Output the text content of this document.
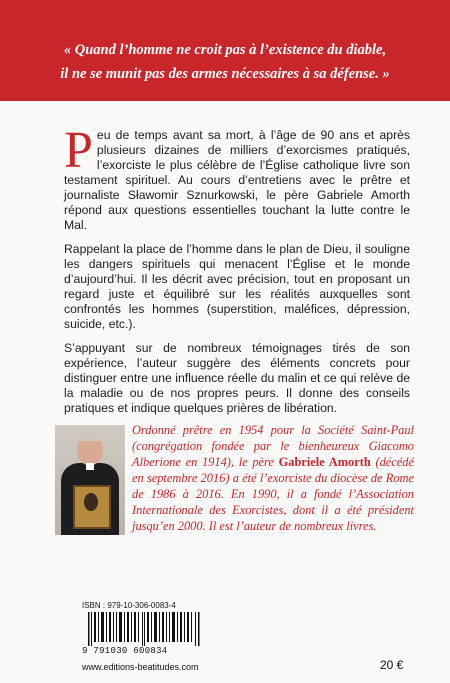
« Quand l’homme ne croit pas à l’existence du diable,
il ne se munit pas des armes nécessaires à sa défense. »

Peu de temps avant sa mort, à l’âge de 90 ans et après plusieurs dizaines de milliers d’exorcismes pratiqués, l’exorciste le plus célèbre de l’Église catholique livre son testament spirituel. Au cours d’entretiens avec le prêtre et journaliste Sławomir Sznurkowski, le père Gabriele Amorth répond aux questions essentielles touchant la lutte contre le Mal.

Rappelant la place de l’homme dans le plan de Dieu, il souligne les dangers spirituels qui menacent l’Église et le monde d’aujourd’hui. Il les décrit avec précision, tout en proposant un regard juste et équilibré sur les réalités auxquelles sont confrontés les hommes (superstition, maléfices, dépression, suicide, etc.).

S’appuyant sur de nombreux témoignages tirés de son expérience, l’auteur suggère des éléments concrets pour distinguer entre une influence réelle du malin et ce qui relève de la maladie ou de nos propres peurs. Il donne des conseils pratiques et indique quelques prières de libération.

Ordonné prêtre en 1954 pour la Société Saint-Paul (congrégation fondée par le bienheureux Giacomo Alberione en 1914), le père Gabriele Amorth (décédé en septembre 2016) a été l’exorciste du diocèse de Rome de 1986 à 2016. En 1990, il a fondé l’Association Internationale des Exorcistes, dont il a été président jusqu’en 2000. Il est l’auteur de nombreux livres.
ISBN : 979-10-306-0083-4
9 791030 600834
www.editions-beatitudes.com	20 €
